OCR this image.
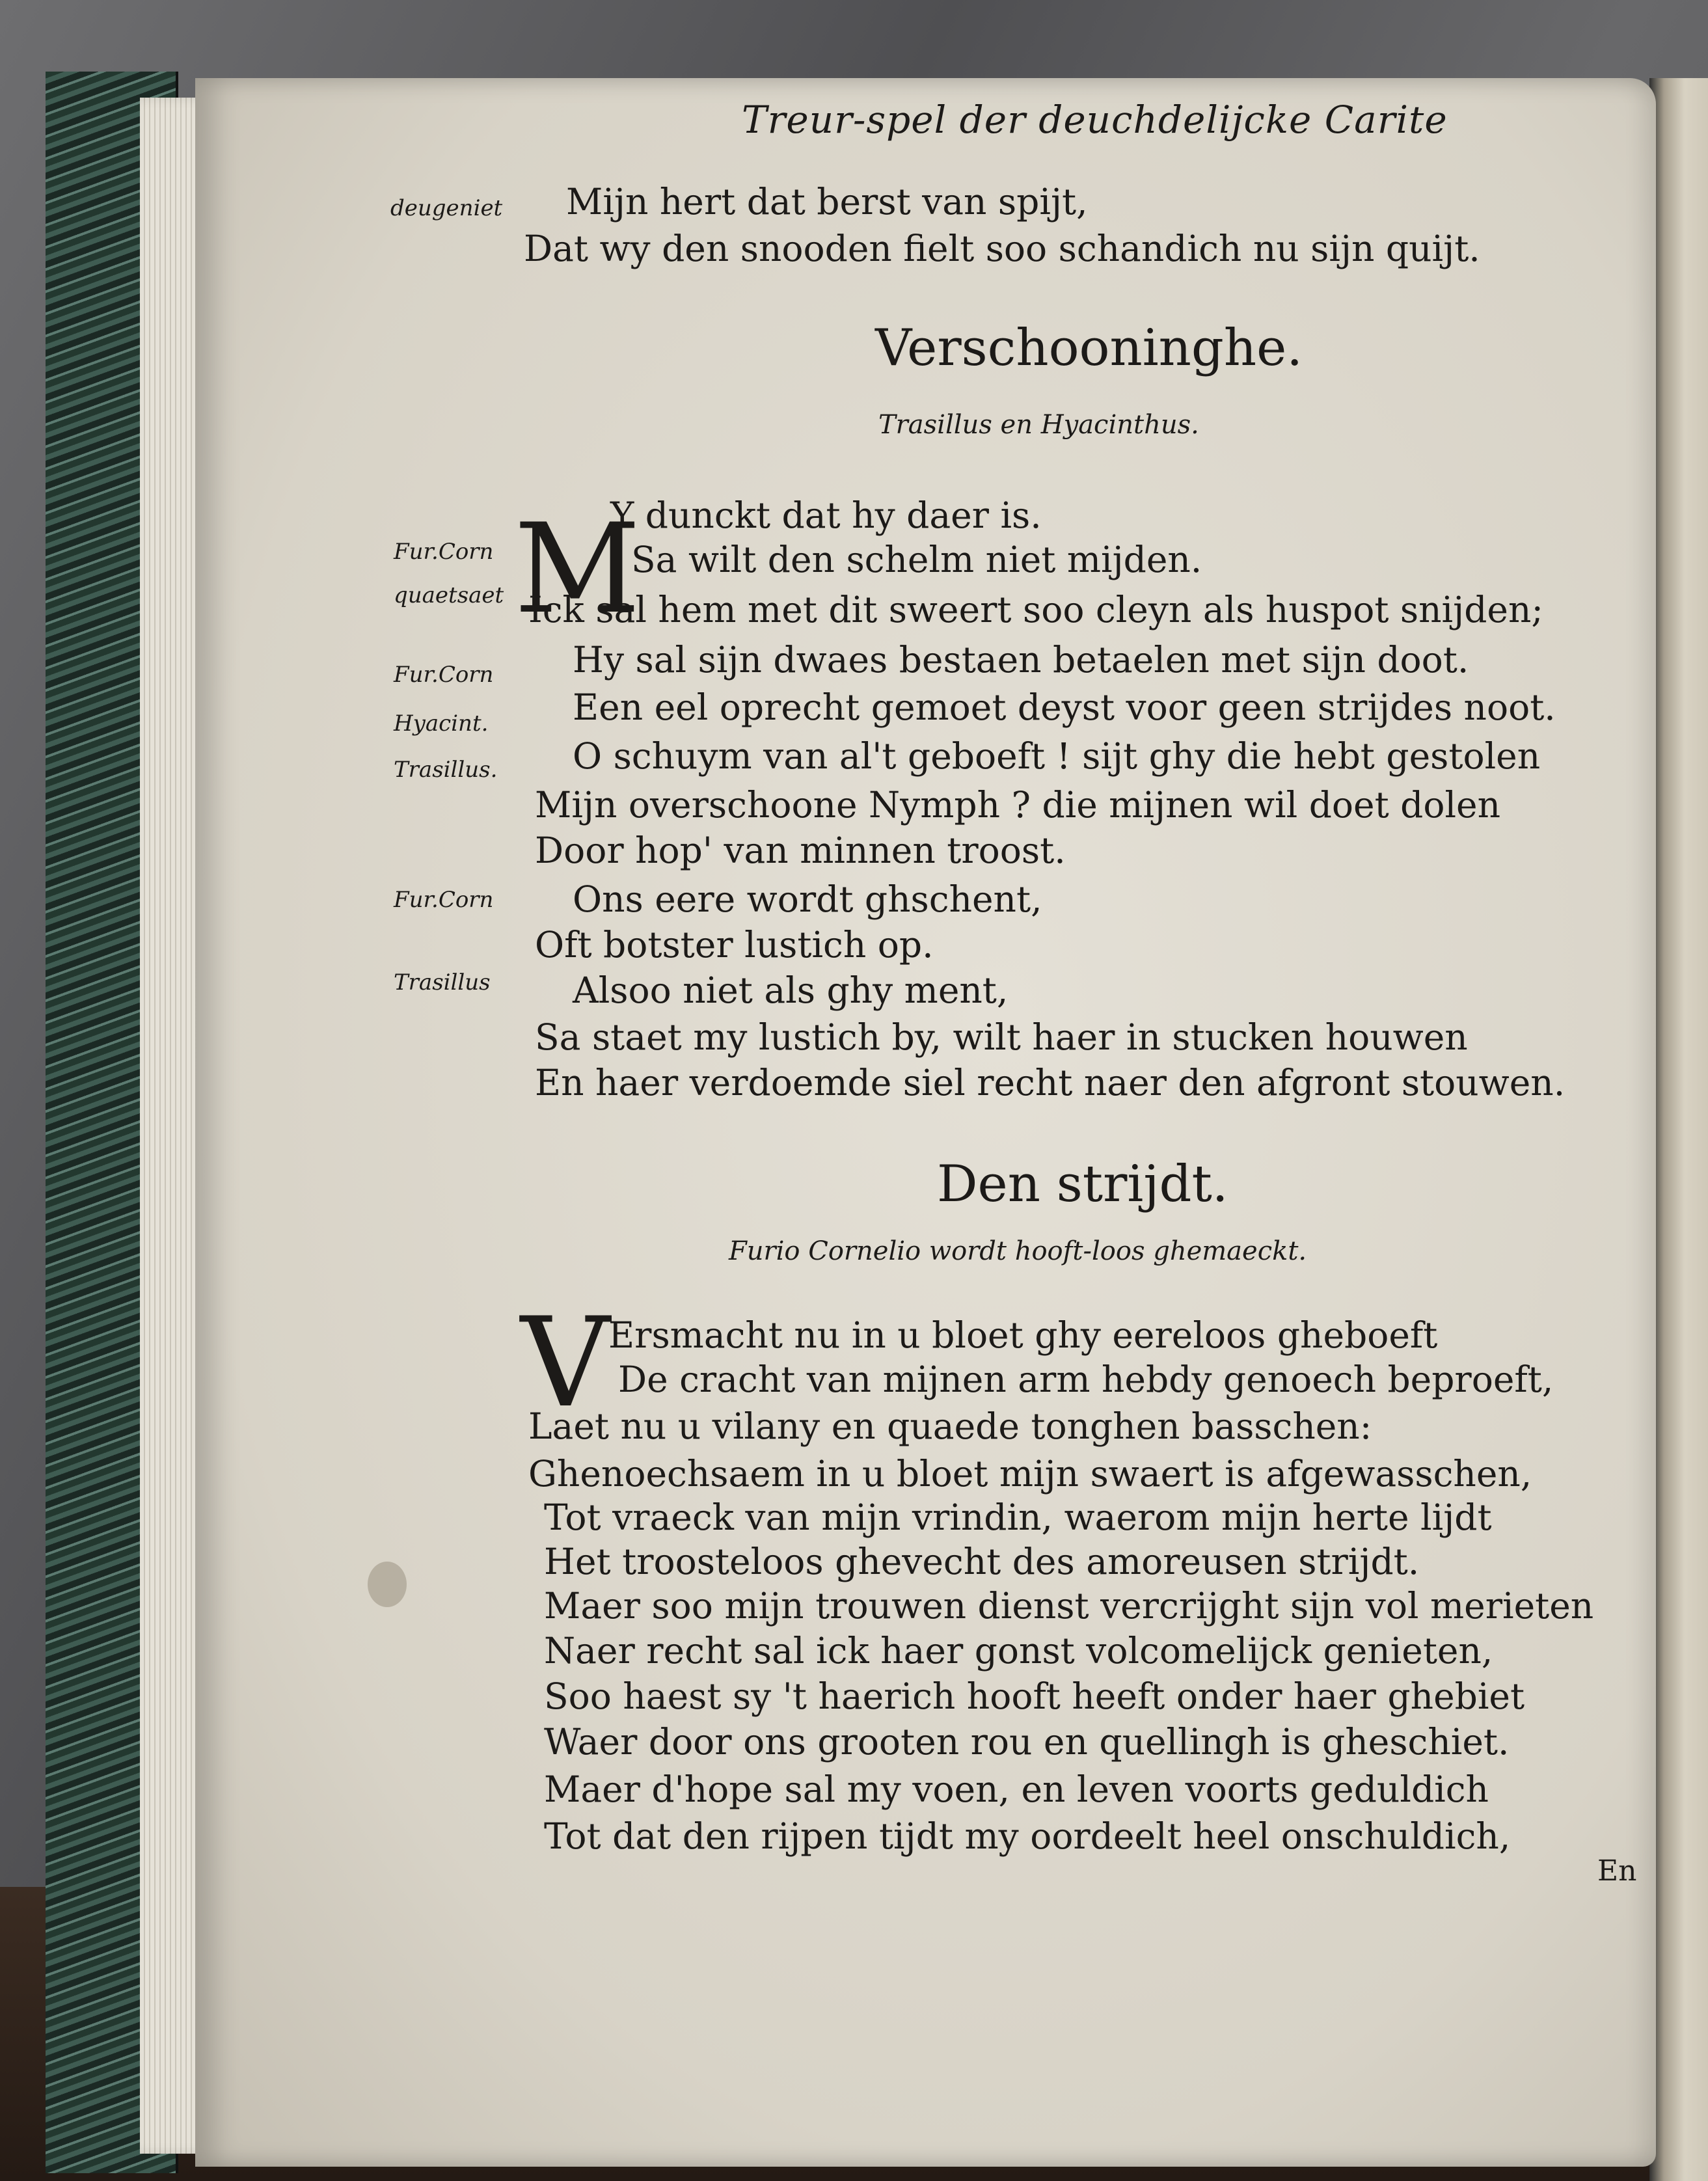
Treur-spel der deuchdelijcke Carite
deugeniet Mijn hert dat berst van spijt,
Dat wy den snooden fielt soo schandich nu sijn quijt.
Verschooninghe.
Trasillus en Hyacinthus.
M
Fur.Corn
quaetsaet
Fur.Corn
Hyacint.
Trasillus.
Fur.Corn
Trasillus
Y dunckt dat hy daer is.
Sa wilt den schelm niet mijden.
Ick sal hem met dit sweert soo cleyn als huspot snijden;
Hy sal sijn dwaes bestaen betaelen met sijn doot.
Een eel oprecht gemoet deyst voor geen strijdes noot.
O schuym van al't geboeft ! sijt ghy die hebt gestolen
Mijn overschoone Nymph ? die mijnen wil doet dolen
Door hop' van minnen troost.
Ons eere wordt ghschent,
Oft botster lustich op.
Alsoo niet als ghy ment,
Sa staet my lustich by, wilt haer in stucken houwen
En haer verdoemde siel recht naer den afgront stouwen.
Den strijdt.
Furio Cornelio wordt hooft-loos ghemaeckt.
V
Ersmacht nu in u bloet ghy eereloos gheboeft
De cracht van mijnen arm hebdy genoech beproeft,
Laet nu u vilany en quaede tonghen basschen:
Ghenoechsaem in u bloet mijn swaert is afgewasschen,
Tot vraeck van mijn vrindin, waerom mijn herte lijdt
Het troosteloos ghevecht des amoreusen strijdt.
Maer soo mijn trouwen dienst vercrijght sijn vol merieten
Naer recht sal ick haer gonst volcomelijck genieten,
Soo haest sy 't haerich hooft heeft onder haer ghebiet
Waer door ons grooten rou en quellingh is gheschiet.
Maer d'hope sal my voen, en leven voorts geduldich
Tot dat den rijpen tijdt my oordeelt heel onschuldich,
En
